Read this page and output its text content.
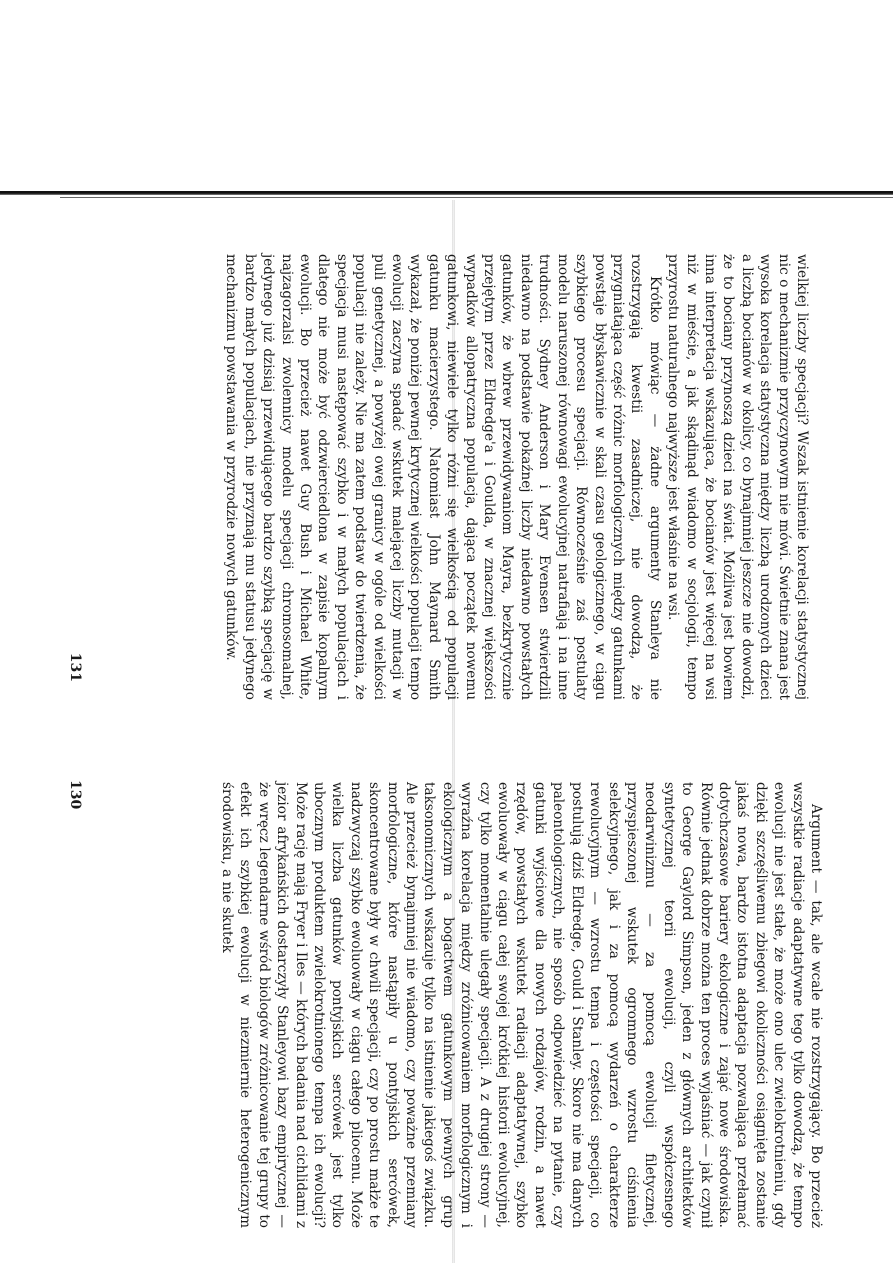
wielkiej liczby specjacji? Wszak istnienie korelacji statystycznej nic o mechanizmie przyczynowym nie mówi. Świetnie znana jest wysoka korelacja statystyczna między liczbą urodzonych dzieci a liczbą bocianów w okolicy, co bynajmniej jeszcze nie dowodzi, że to bociany przynoszą dzieci na świat. Możliwa jest bowiem inna interpretacja wskazująca, że bocianów jest więcej na wsi niż w mieście, a jak skądinąd wiadomo w socjologii, tempo przyrostu naturalnego najwyższe jest właśnie na wsi.

Krótko mówiąc — żadne argumenty Stanleya nie rozstrzygają kwestii zasadniczej, nie dowodzą, że przygniatająca część różnic morfologicznych między gatunkami powstaje błyskawicznie w skali czasu geologicznego, w ciągu szybkiego procesu specjacji. Równocześnie zaś postulaty modelu naruszonej równowagi ewolucyjnej natrafiają i na inne trudności. Sydney Anderson i Mary Evensen stwierdzili niedawno na podstawie pokaźnej liczby niedawno powstałych gatunków, że wbrew przewidywaniom Mayra, bezkrytycznie przejętym przez Eldredge'a i Goulda, w znacznej większości wypadków allopatryczna populacja, dająca początek nowemu gatunkowi, niewiele tylko różni się wielkością od populacji gatunku macierzystego. Natomiast John Maynard Smith wykazał, że poniżej pewnej krytycznej wielkości populacji tempo ewolucji zaczyna spadać wskutek malejącej liczby mutacji w puli genetycznej, a powyżej owej granicy w ogóle od wielkości populacji nie zależy. Nie ma zatem podstaw do twierdzenia, że specjacja musi następować szybko i w małych populacjach i dlatego nie może być odzwierciedlona w zapisie kopalnym ewolucji. Bo przecież nawet Guy Bush i Michael White, najzagorzalsi zwolennicy modelu specjacji chromosomalnej, jedynego już dzisiaj przewidującego bardzo szybką specjację w bardzo małych populacjach, nie przyznają mu statusu jedynego mechanizmu powstawania w przyrodzie nowych gatunków.

131

Argument — tak, ale wcale nie rozstrzygający. Bo przecież wszystkie radiacje adaptatywne tego tylko dowodzą, że tempo ewolucji nie jest stałe, że może ono ulec zwielokrotnieniu, gdy dzięki szczęśliwemu zbiegowi okoliczności osiągnięta zostanie jakaś nowa, bardzo istotna adaptacja pozwalająca przełamać dotychczasowe bariery ekologiczne i zająć nowe środowiska. Równie jednak dobrze można ten proces wyjaśniać — jak czynił to George Gaylord Simpson, jeden z głównych architektów syntetycznej teorii ewolucji, czyli współczesnego neodarwinizmu — za pomocą ewolucji filetycznej, przyspieszonej wskutek ogromnego wzrostu ciśnienia selekcyjnego, jak i za pomocą wydarzeń o charakterze rewolucyjnym — wzrostu tempa i częstości specjacji, co postulują dziś Eldredge, Gould i Stanley. Skoro nie ma danych paleontologicznych, nie sposób odpowiedzieć na pytanie, czy gatunki wyjściowe dla nowych rodzajów, rodzin, a nawet rzędów, powstałych wskutek radiacji adaptatywnej, szybko ewoluowały w ciągu całej swojej krótkiej historii ewolucyjnej, czy tylko momentalnie ulegały specjacji. A z drugiej strony — wyraźna korelacja między zróżnicowaniem morfologicznym i ekologicznym a bogactwem gatunkowym pewnych grup taksonomicznych wskazuje tylko na istnienie jakiegoś związku. Ale przecież bynajmniej nie wiadomo, czy poważne przemiany morfologiczne, które nastąpiły u pontyjskich sercówek, skoncentrowane były w chwili specjacji, czy po prostu małże te nadzwyczaj szybko ewoluowały w ciągu całego pliocenu. Może wielka liczba gatunków pontyjskich sercówek jest tylko ubocznym produktem zwielokrotnionego tempa ich ewolucji? Może rację mają Fryer i Iles — których badania nad cichlidami z jezior afrykańskich dostarczyły Stanleyowi bazy empirycznej — że wręcz legendarne wśród biologów zróżnicowanie tej grupy to efekt ich szybkiej ewolucji w niezmiernie heterogenicznym środowisku, a nie skutek

130
